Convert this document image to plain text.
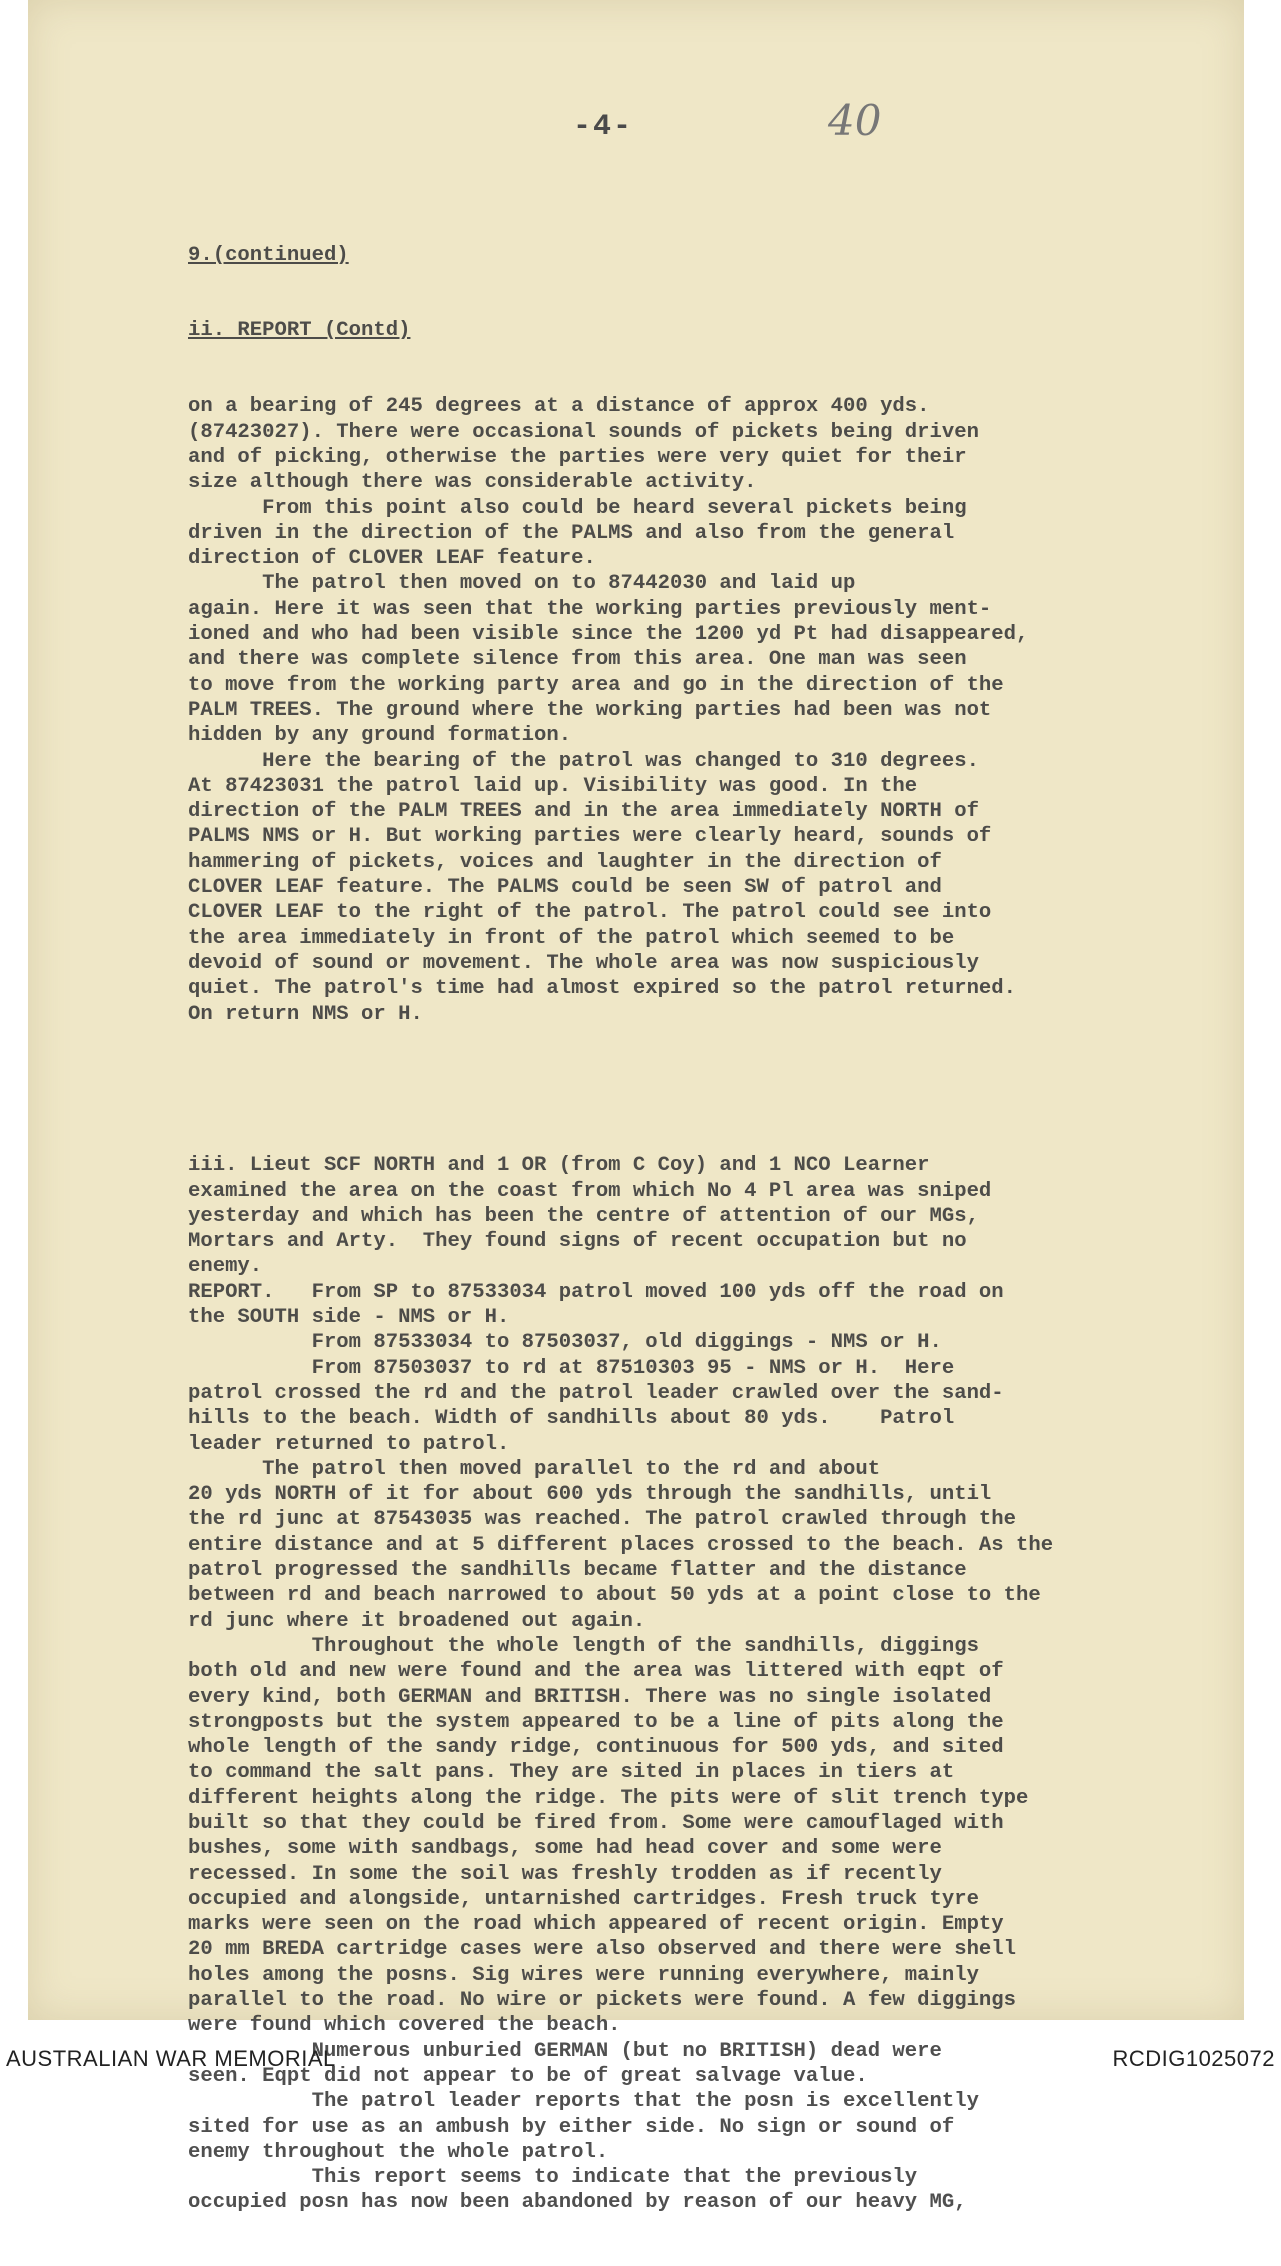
-4-	40

9.(continued)

ii. REPORT (Contd)

on a bearing of 245 degrees at a distance of approx 400 yds.
(87423027). There were occasional sounds of pickets being driven
and of picking, otherwise the parties were very quiet for their
size although there was considerable activity.
From this point also could be heard several pickets being
driven in the direction of the PALMS and also from the general
direction of CLOVER LEAF feature.
The patrol then moved on to 87442030 and laid up
again. Here it was seen that the working parties previously ment-
ioned and who had been visible since the 1200 yd Pt had disappeared,
and there was complete silence from this area. One man was seen
to move from the working party area and go in the direction of the
PALM TREES. The ground where the working parties had been was not
hidden by any ground formation.
Here the bearing of the patrol was changed to 310 degrees.
At 87423031 the patrol laid up. Visibility was good. In the
direction of the PALM TREES and in the area immediately NORTH of
PALMS NMS or H. But working parties were clearly heard, sounds of
hammering of pickets, voices and laughter in the direction of
CLOVER LEAF feature. The PALMS could be seen SW of patrol and
CLOVER LEAF to the right of the patrol. The patrol could see into
the area immediately in front of the patrol which seemed to be
devoid of sound or movement. The whole area was now suspiciously
quiet. The patrol's time had almost expired so the patrol returned.
On return NMS or H.

iii. Lieut SCF NORTH and 1 OR (from C Coy) and 1 NCO Learner
examined the area on the coast from which No 4 Pl area was sniped
yesterday and which has been the centre of attention of our MGs,
Mortars and Arty.  They found signs of recent occupation but no
enemy.
REPORT.   From SP to 87533034 patrol moved 100 yds off the road on
the SOUTH side - NMS or H.
From 87533034 to 87503037, old diggings - NMS or H.
From 87503037 to rd at 87510303 95 - NMS or H.  Here
patrol crossed the rd and the patrol leader crawled over the sand-
hills to the beach. Width of sandhills about 80 yds.    Patrol
leader returned to patrol.
The patrol then moved parallel to the rd and about
20 yds NORTH of it for about 600 yds through the sandhills, until
the rd junc at 87543035 was reached. The patrol crawled through the
entire distance and at 5 different places crossed to the beach. As the
patrol progressed the sandhills became flatter and the distance
between rd and beach narrowed to about 50 yds at a point close to the
rd junc where it broadened out again.
Throughout the whole length of the sandhills, diggings
both old and new were found and the area was littered with eqpt of
every kind, both GERMAN and BRITISH. There was no single isolated
strongposts but the system appeared to be a line of pits along the
whole length of the sandy ridge, continuous for 500 yds, and sited
to command the salt pans. They are sited in places in tiers at
different heights along the ridge. The pits were of slit trench type
built so that they could be fired from. Some were camouflaged with
bushes, some with sandbags, some had head cover and some were
recessed. In some the soil was freshly trodden as if recently
occupied and alongside, untarnished cartridges. Fresh truck tyre
marks were seen on the road which appeared of recent origin. Empty
20 mm BREDA cartridge cases were also observed and there were shell
holes among the posns. Sig wires were running everywhere, mainly
parallel to the road. No wire or pickets were found. A few diggings
were found which covered the beach.
Numerous unburied GERMAN (but no BRITISH) dead were
seen. Eqpt did not appear to be of great salvage value.
The patrol leader reports that the posn is excellently
sited for use as an ambush by either side. No sign or sound of
enemy throughout the whole patrol.
This report seems to indicate that the previously
occupied posn has now been abandoned by reason of our heavy MG,

AUSTRALIAN WAR MEMORIAL	RCDIG1025072
